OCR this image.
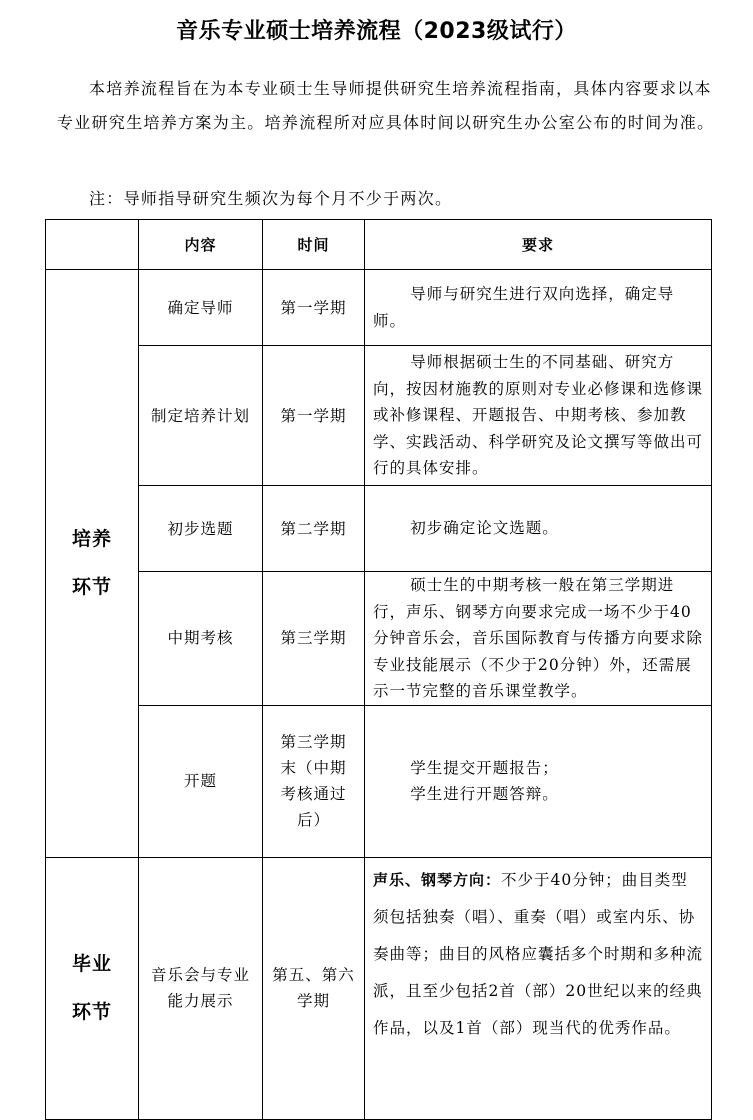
音乐专业硕士培养流程（2023级试行）

本培养流程旨在为本专业硕士生导师提供研究生培养流程指南，具体内容要求以本专业研究生培养方案为主。培养流程所对应具体时间以研究生办公室公布的时间为准。

注：导师指导研究生频次为每个月不少于两次。

	内容	时间	要求

培养
环节	确定导师	第一学期	导师与研究生进行双向选择，确定导师。

	制定培养计划	第一学期	导师根据硕士生的不同基础、研究方向，按因材施教的原则对专业必修课和选修课或补修课程、开题报告、中期考核、参加教学、实践活动、科学研究及论文撰写等做出可行的具体安排。

	初步选题	第二学期	初步确定论文选题。

	中期考核	第三学期	硕士生的中期考核一般在第三学期进行，声乐、钢琴方向要求完成一场不少于40分钟音乐会，音乐国际教育与传播方向要求除专业技能展示（不少于20分钟）外，还需展示一节完整的音乐课堂教学。

	开题	第三学期末（中期考核通过后）	学生提交开题报告；
学生进行开题答辩。

毕业
环节	音乐会与专业能力展示	第五、第六学期	声乐、钢琴方向：不少于40分钟；曲目类型须包括独奏（唱）、重奏（唱）或室内乐、协奏曲等；曲目的风格应囊括多个时期和多种流派，且至少包括2首（部）20世纪以来的经典作品，以及1首（部）现当代的优秀作品。
